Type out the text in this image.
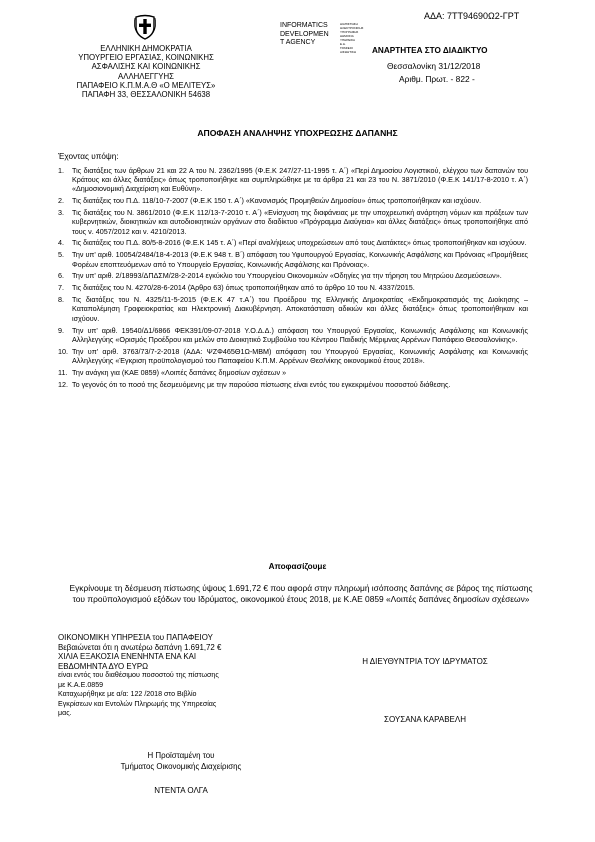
ΑΔΑ: 7ΤΤ94690Ω2-ΓΡΤ
INFORMATICS
DEVELOPMEN
T AGENCY
ΔΙΑΠΙΣΤΩΣΗ
ΗΛΕΚΤΡΟΝΙΚΗΣ
ΥΠΟΓΡΑΦΗΣ
ΔΗΜΟΣΙΑ
ΥΠΗΡΕΣΙΑ
Ε.Δ.
ΓΡΑΦΕΙΟ
ΑΙΣΘΗΤΙΚΗ	ΑΝΑΡΤΗΤΕΑ ΣΤΟ ΔΙΑΔΙΚΤΥΟ
Θεσσαλονίκη 31/12/2018
Αριθμ. Πρωτ. - 822 -
ΕΛΛΗΝΙΚΗ ΔΗΜΟΚΡΑΤΙΑ
ΥΠΟΥΡΓΕΙΟ ΕΡΓΑΣΙΑΣ, ΚΟΙΝΩΝΙΚΗΣ
ΑΣΦΑΛΙΣΗΣ ΚΑΙ ΚΟΙΝΩΝΙΚΗΣ
ΑΛΛΗΛΕΓΓΥΗΣ
ΠΑΠΑΦΕΙΟ Κ.Π.Μ.Α.Θ «Ο ΜΕΛΙΤΕΥΣ»
ΠΑΠΑΦΗ 33, ΘΕΣΣΑΛΟΝΙΚΗ 54638
ΑΠΟΦΑΣΗ ΑΝΑΛΗΨΗΣ ΥΠΟΧΡΕΩΣΗΣ ΔΑΠΑΝΗΣ
Έχοντας υπόψη:
1.	Τις διατάξεις των άρθρων 21 και 22 Α του Ν. 2362/1995 (Φ.Ε.Κ 247/27-11-1995 τ. Α΄) «Περί Δημοσίου Λογιστικού, ελέγχου των δαπανών του Κράτους και άλλες διατάξεις» όπως τροποποιήθηκε και συμπληρώθηκε με τα άρθρα 21 και 23 του Ν. 3871/2010 (Φ.Ε.Κ 141/17-8-2010 τ. Α΄) «Δημοσιονομική Διαχείριση και Ευθύνη».
2.	Τις διατάξεις του Π.Δ. 118/10-7-2007 (Φ.Ε.Κ 150 τ. Α΄) «Κανονισμός Προμηθειών Δημοσίου» όπως τροποποιήθηκαν και ισχύουν.
3.	Τις διατάξεις του Ν. 3861/2010 (Φ.Ε.Κ 112/13-7-2010 τ. Α΄) «Ενίσχυση της διαφάνειας με την υποχρεωτική ανάρτηση νόμων και πράξεων των κυβερνητικών, διοικητικών και αυτοδιοικητικών οργάνων στο διαδίκτυο «Πρόγραμμα Διαύγεια» και άλλες διατάξεις» όπως τροποποιήθηκε από τους ν. 4057/2012 και ν. 4210/2013.
4.	Τις διατάξεις του Π.Δ. 80/5-8-2016 (Φ.Ε.Κ 145 τ. Α΄) «Περί αναλήψεως υποχρεώσεων από τους Διατάκτες» όπως τροποποιήθηκαν και ισχύουν.
5.	Την υπ' αριθ. 10054/2484/18-4-2013 (Φ.Ε.Κ 948 τ. Β΄) απόφαση του Υφυπουργού Εργασίας, Κοινωνικής Ασφάλισης και Πρόνοιας «Προμήθειες Φορέων εποπτευόμενων από το Υπουργείο Εργασίας, Κοινωνικής Ασφάλισης και Πρόνοιας».
6.	Την υπ' αριθ. 2/18993/ΔΠΔΣΜ/28-2-2014 εγκύκλιο του Υπουργείου Οικονομικών «Οδηγίες για την τήρηση του Μητρώου Δεσμεύσεων».
7.	Τις διατάξεις του Ν. 4270/28-6-2014 (Άρθρο 63) όπως τροποποιήθηκαν από το άρθρο 10 του Ν. 4337/2015.
8.	Τις διατάξεις του Ν. 4325/11-5-2015 (Φ.Ε.Κ 47 τ.Α΄) του Προέδρου της Ελληνικής Δημοκρατίας «Εκδημοκρατισμός της Διοίκησης – Καταπολέμηση Γραφειοκρατίας και Ηλεκτρονική Διακυβέρνηση. Αποκατάσταση αδικιών και άλλες διατάξεις» όπως τροποποιήθηκαν και ισχύουν.
9.	Την υπ' αριθ. 19540/Δ1/6866 ΦΕΚ391/09-07-2018 Υ.Ο.Δ.Δ.) απόφαση του Υπουργού Εργασίας, Κοινωνικής Ασφάλισης και Κοινωνικής Αλληλεγγύης «Ορισμός Προέδρου και μελών στο Διοικητικό Συμβούλιο του Κέντρου Παιδικής Μέριμνας Αρρένων Παπάφειο Θεσσαλονίκης».
10. Την υπ' αριθ. 3763/73/7-2-2018 (ΑΔΑ: ΨΖΦ465Θ1Ω-ΜΒΜ) απόφαση του Υπουργού Εργασίας, Κοινωνικής Ασφάλισης και Κοινωνικής Αλληλεγγύης «Έγκριση προϋπολογισμού του Παπαφείου Κ.Π.Μ. Αρρένων Θεσ/νίκης οικονομικού έτους 2018».
11. Την ανάγκη για (ΚΑΕ 0859) «Λοιπές δαπάνες δημοσίων σχέσεων »
12. Το γεγονός ότι το ποσό της δεσμευόμενης με την παρούσα πίστωσης είναι εντός του εγκεκριμένου ποσοστού διάθεσης.
Αποφασίζουμε
Εγκρίνουμε τη δέσμευση πίστωσης ύψους 1.691,72 € που αφορά στην πληρωμή ισόποσης δαπάνης σε βάρος της πίστωσης του προϋπολογισμού εξόδων του Ιδρύματος, οικονομικού έτους 2018, με Κ.ΑΕ 0859 «Λοιπές δαπάνες δημοσίων σχέσεων»
ΟΙΚΟΝΟΜΙΚΗ ΥΠΗΡΕΣΙΑ του ΠΑΠΑΦΕΙΟΥ
Βεβαιώνεται ότι η ανωτέρω δαπάνη 1.691,72 €
ΧΙΛΙΑ ΕΞΑΚΟΣΙΑ ΕΝΕΝΗΝΤΑ ΕΝΑ ΚΑΙ
ΕΒΔΟΜΗΝΤΑ ΔΥΟ ΕΥΡΩ
είναι εντός του διαθέσιμου ποσοστού της πίστωσης
με Κ.Α.Ε.0859
Καταχωρήθηκε με α/α: 122 /2018 στο Βιβλίο
Εγκρίσεων και Εντολών Πληρωμής της Υπηρεσίας
μας.
Η ΔΙΕΥΘΥΝΤΡΙΑ ΤΟΥ ΙΔΡΥΜΑΤΟΣ
ΣΟΥΣΑΝΑ ΚΑΡΑΒΕΛΗ
Η Προϊσταμένη του
Τμήματος Οικονομικής Διαχείρισης
ΝΤΕΝΤΑ ΟΛΓΑ
